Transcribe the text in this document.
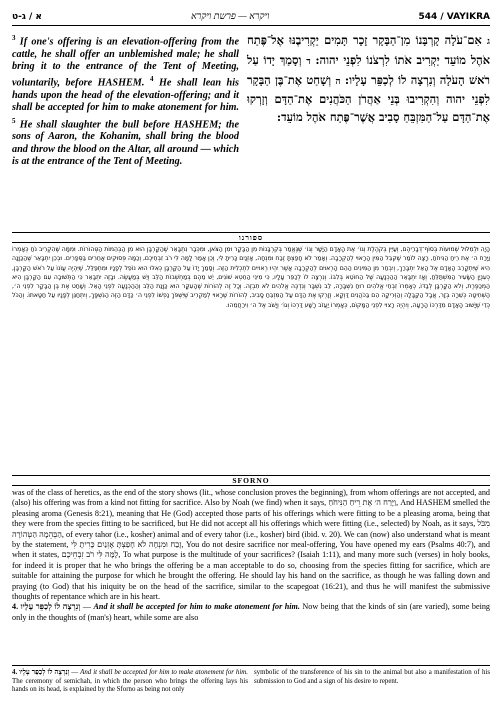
א / ג-ט	ויקרא — פרשת ויקרא	544 / VAYIKRA
$^3$ If one's offering is an elevation-offering from the cattle, he shall offer an unblemished male; he shall bring it to the entrance of the Tent of Meeting, voluntarily, before HASHEM. $^4$ He shall lean his hands upon the head of the elevation-offering; and it shall be accepted for him to make atonement for him. $^5$ He shall slaughter the bull before HASHEM; the sons of Aaron, the Kohanim, shall bring the blood and throw the blood on the Altar, all around — which is at the entrance of the Tent of Meeting.
ג אִם־עֹלָה קָרְבָּנוֹ מִן־הַבָּקָר זָכָר תָּמִים יַקְרִיבֶנּוּ אֶל־פֶּתַח אֹהֶל מוֹעֵד יַקְרִיב אֹתוֹ לִרְצֹנוֹ לִפְנֵי יהוה: ד וְסָמַךְ יָדוֹ עַל רֹאשׁ הָעֹלָה וְנִרְצָה לוֹ לְכַפֵּר עָלָיו: ה וְשָׁחַט אֶת־בֶּן הַבָּקָר לִפְנֵי יהוה וְהִקְרִיבוּ בְּנֵי אַהֲרֹן הַכֹּהֲנִים אֶת־הַדָּם וְזָרְקוּ אֶת־הַדָּם עַל־הַמִּזְבֵּחַ סָבִיב אֲשֶׁר־פֶּתַח אֹהֶל מוֹעֵד:
ספורנו
הָיָה וּלְמִלּוּל שְׁמוּעוֹת בְּסוֹף־דְּבָרֵיהֶם, וְעַיֵּין בְּקֹהֶלֶת וְגוֹ׳ אֶת הָאָדָם הַיָּשָׁר וְגוֹ׳ שֶׁנֶּאֱמַר בְּקִרְבָּנוֹת מִן הַבָּקָר וּמִן הַצֹּאן, וּמִכְּבָר נִתְבָּאֵר שֶׁהַקָּרְבָּן הוּא מִן הַבְּהֵמוֹת הַטְּהוֹרוֹת. וּמִמָּה שֶׁהִקְרִיב נֹחַ כְּאָמְרוֹ וַיָּרַח ה׳ אֶת רֵיחַ הַנִּיחֹחַ, רָצָה לוֹמַר שֶׁקִּבֵּל הַמִּין הָרָאוּי לְהַקְרָבָה. וְאָמַר לֹא חָפַצְתָּ זֶבַח וּמִנְחָה, אָזְנַיִם כָּרִיתָ לִּי, וְכֵן אָמַר לָמָּה לִּי רֹב זִבְחֵיכֶם, וְכַמָּה פְּסוּקִים אֲחֵרִים בַּסְּפָרִים. וּבְכֵן יִתְבָּאֵר שֶׁהַכַּוָּנָה הִיא שֶׁיִּתְקָרֵב הָאָדָם אֶל הָאֵל יִתְבָּרַךְ, וְיִבְחַר מִן הַמִּינִים הַהֵם הָרְאוּיִם לְהַקְרָבָה אֲשֶׁר יִהְיוּ רְאוּיִים לִתְכְלִית הַזֶּה. וְסָמַךְ יָדוֹ עַל הַקָּרְבָּן כְּאִלּוּ הוּא נוֹפֵל לְפָנָיו וּמִתְפַּלֵּל, שֶׁיִּהְיֶה עֲוֹנוֹ עַל רֹאשׁ הַקָּרְבָּן, כְּעִנְיַן הַשָּׂעִיר הַמִּשְׁתַּלֵּחַ, וְאָז יִתְבָּאֵר הַהַכְנָעָה שֶׁל הַחוֹטֵא בְּלִבּוֹ. וְנִרְצָה לוֹ לְכַפֵּר עָלָיו, כִּי מִינֵי הַחֵטְא שׁוֹנִים, יֵשׁ מֵהֶם בְּמַחְשְׁבוֹת הַלֵּב וְיֵשׁ בְּמַעֲשֶׂה. וּבָזֶה יִתְבָּאֵר כִּי הַתְּשׁוּבָה עִם הַקָּרְבָּן הִיא הַמְכַפֶּרֶת, וְלֹא הַקָּרְבָּן לְבַדּוֹ, כְּאָמְרוֹ זִבְחֵי אֱלֹהִים רוּחַ נִשְׁבָּרָה, לֵב נִשְׁבָּר וְנִדְכֶּה אֱלֹהִים לֹא תִבְזֶה. וְכָל זֶה לְהוֹרוֹת שֶׁהָעִקָּר הוּא כַּוָּנַת הַלֵּב וְהַהַכְנָעָה לִפְנֵי הָאֵל. וְשָׁחַט אֶת בֶּן הַבָּקָר לִפְנֵי ה׳, הַשְּׁחִיטָה כְּשֵׁרָה בְּזָר, אֲבָל הַקַּבָּלָה וְהַזְּרִיקָה הֵם בַּכֹּהֲנִים דַּוְקָא. וְזָרְקוּ אֶת הַדָּם עַל הַמִּזְבֵּחַ סָבִיב, לְהוֹרוֹת שֶׁרָאוּי לְמַקְרִיב שֶׁיִּשְׁפֹּךְ נַפְשׁוֹ לִפְנֵי ה׳ כַּדָּם הַזֶּה הַנִּשְׁפָּךְ, וְיִתְחַנֵּן לְפָנָיו עַל חַטָּאתוֹ. וְהַכֹּל כְּדֵי שֶׁיָּשׁוּב הָאָדָם מִדַּרְכּוֹ הָרָעָה, וְיִהְיֶה רָצוּי לִפְנֵי הַמָּקוֹם, כְּאָמְרוֹ יַעֲזֹב רָשָׁע דַּרְכּוֹ וְגוֹ׳ וְיָשֹׁב אֶל ה׳ וִירַחֲמֵהוּ.
SFORNO
was of the class of heretics, as the end of the story shows (lit., whose conclusion proves the beginning), from whom offerings are not accepted, and (also) his offering was from a kind not fitting for sacrifice. Also by Noah (we find) when it says, וַיָּרַח ה׳ אֶת רֵיחַ הַנִּיחֹחַ, And HASHEM smelled the pleasing aroma (Genesis 8:21), meaning that He (God) accepted those parts of his offerings which were fitting to be a pleasing aroma, being that they were from the species fitting to be sacrificed, but He did not accept all his offerings which were fitting (i.e., selected) by Noah, as it says, מִכֹּל הַבְּהֵמָה הַטְּהוֹרָה, of every tahor (i.e., kosher) animal and of every tahor (i.e., kosher) bird (ibid. v. 20). We can (now) also understand what is meant by the statement, זֶבַח וּמִנְחָה לֹא חָפַצְתָּ אָזְנַיִם כָּרִיתָ לִּי, You do not desire sacrifice nor meal-offering, You have opened my ears (Psalms 40:7), and when it states, לָמָּה לִּי רֹב זִבְחֵיכֶם, To what purpose is the multitude of your sacrifices? (Isaiah 1:11), and many more such (verses) in holy books, for indeed it is proper that he who brings the offering be a man acceptable to do so, choosing from the species fitting for sacrifice, which are suitable for attaining the purpose for which he brought the offering. He should lay his hand on the sacrifice, as though he was falling down and praying (to God) that his iniquity be on the head of the sacrifice, similar to the scapegoat (16:21), and thus he will manifest the submissive thoughts of repentance which are in his heart.
4. וְנִרְצָה לוֹ לְכַפֵּר עָלָיו — And it shall be accepted for him to make atonement for him. Now being that the kinds of sin (are varied), some being only in the thoughts of (man's) heart, while some are also
4. וְנִרְצָה לוֹ לְכַפֵּר עָלָיו — And it shall be accepted for him to make atonement for him. The ceremony of semichah, in which the person who brings the offering lays his hands on its head, is explained by the Sforno as being not only
symbolic of the transference of his sin to the animal but also a manifestation of his submission to God and a sign of his desire to repent.
